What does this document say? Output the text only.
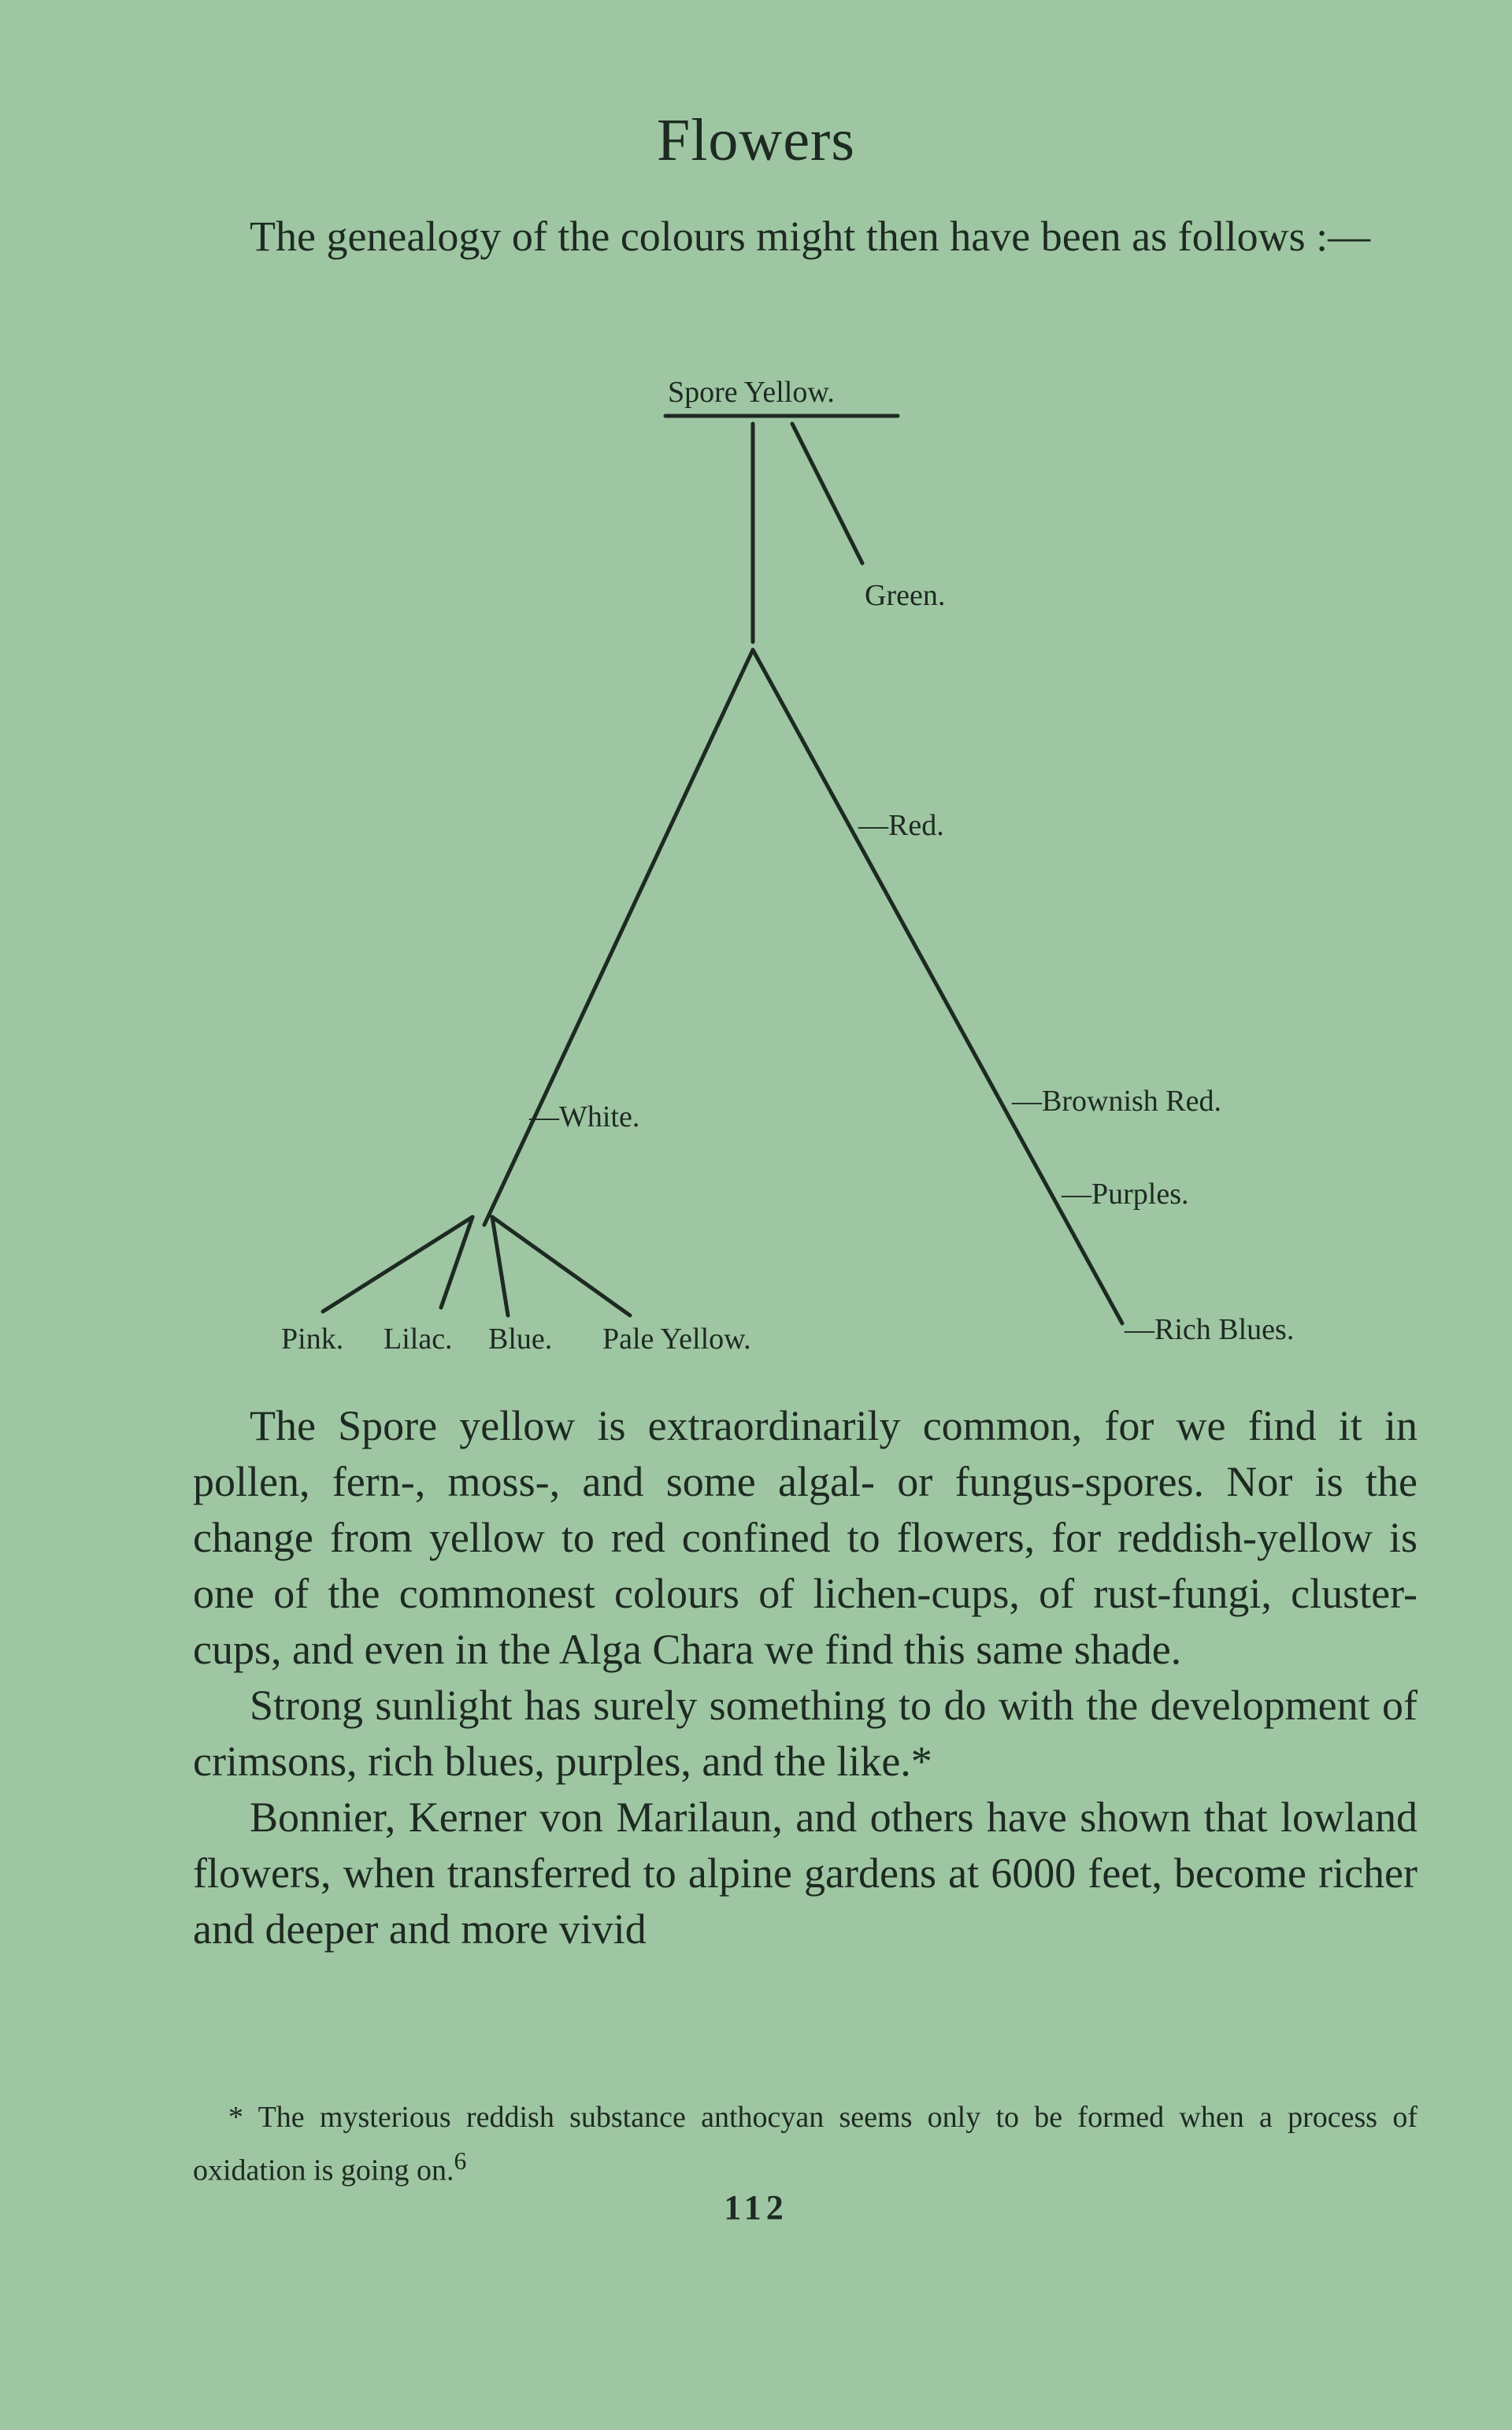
Flowers

The genealogy of the colours might then have been as follows :—

Spore Yellow.
Green.
—White.
—Red.
—Brownish Red.
—Purples.
—Rich Blues.
Pink. Lilac. Blue. Pale Yellow.

The Spore yellow is extraordinarily common, for we find it in pollen, fern-, moss-, and some algal- or fungus-spores. Nor is the change from yellow to red confined to flowers, for reddish-yellow is one of the commonest colours of lichen-cups, of rust-fungi, cluster-cups, and even in the Alga Chara we find this same shade.

Strong sunlight has surely something to do with the development of crimsons, rich blues, purples, and the like.*

Bonnier, Kerner von Marilaun, and others have shown that lowland flowers, when transferred to alpine gardens at 6000 feet, become richer and deeper and more vivid

* The mysterious reddish substance anthocyan seems only to be formed when a process of oxidation is going on.$^6$

112
